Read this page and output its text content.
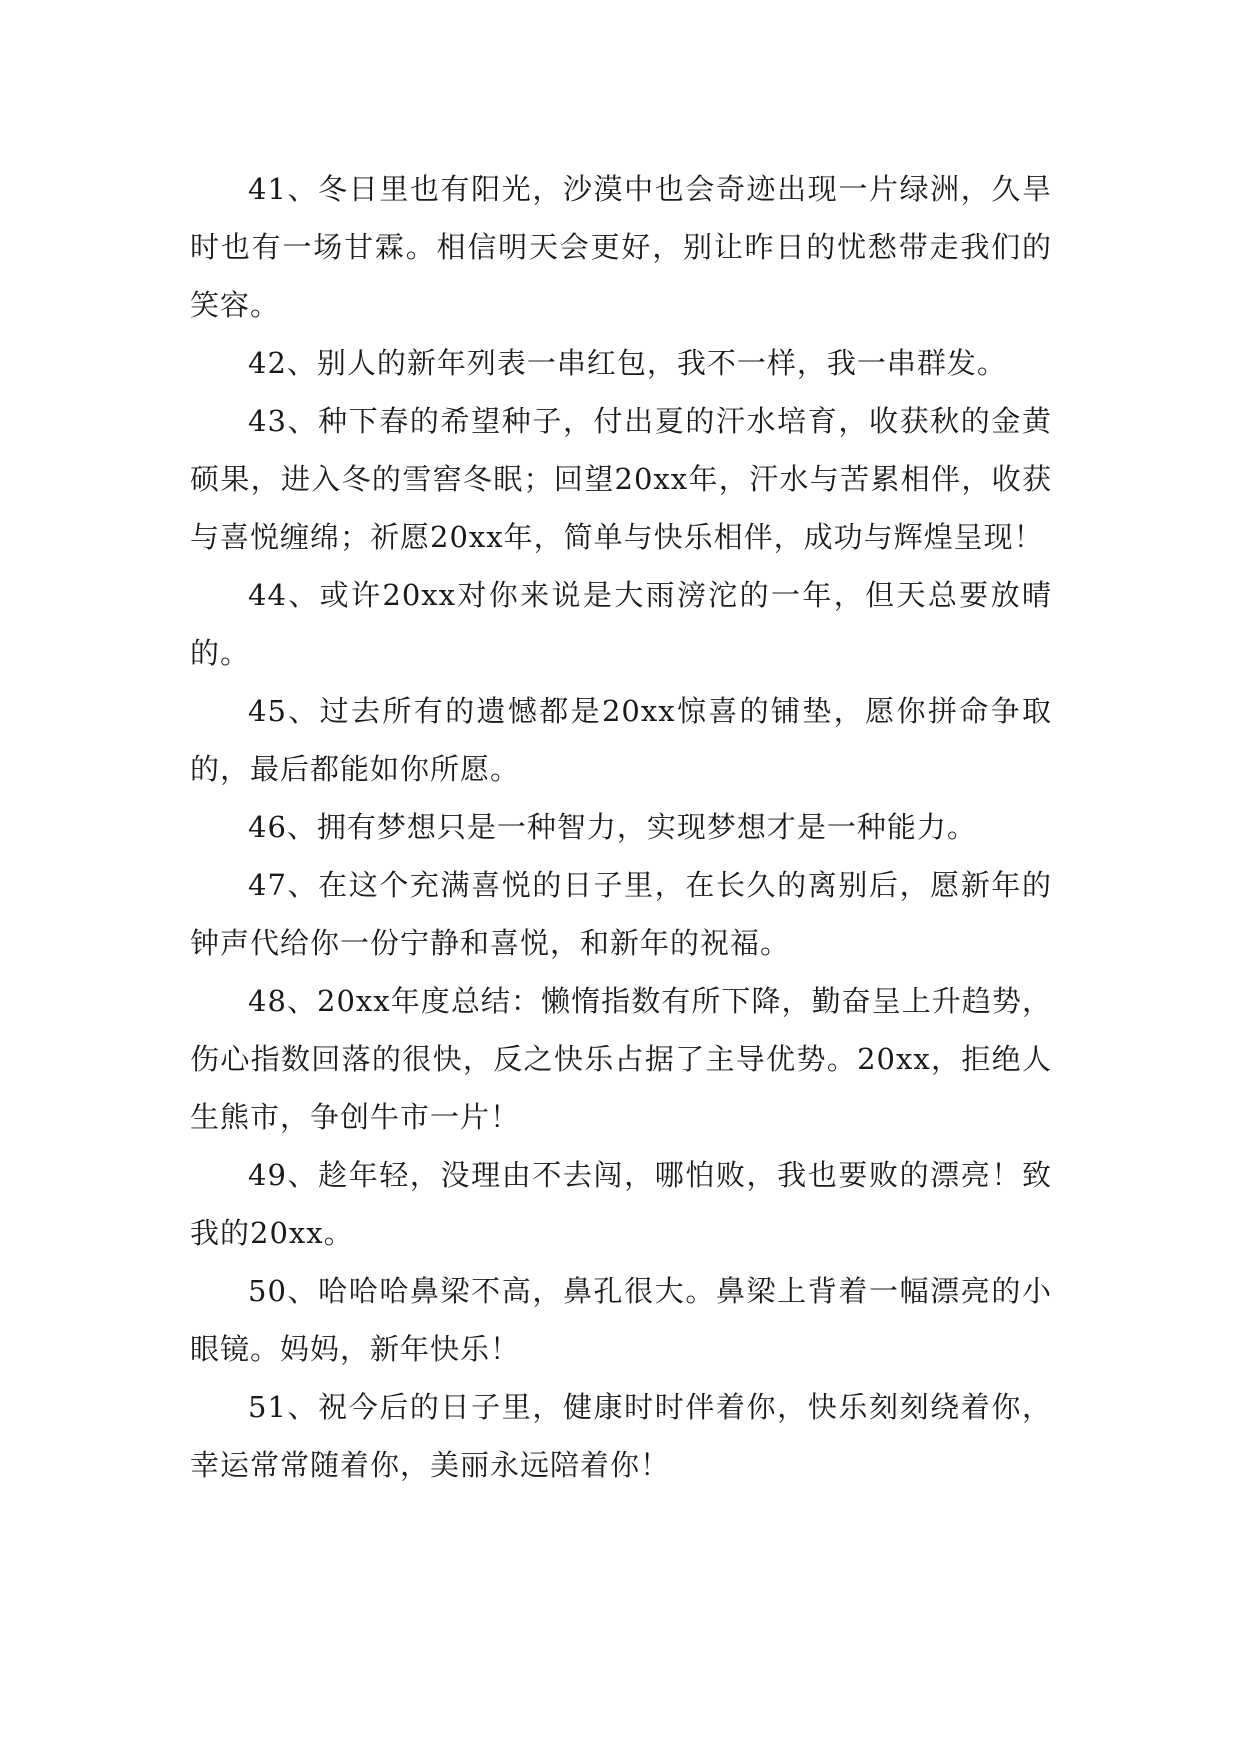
41、冬日里也有阳光，沙漠中也会奇迹出现一片绿洲，久旱时也有一场甘霖。相信明天会更好，别让昨日的忧愁带走我们的笑容。

42、别人的新年列表一串红包，我不一样，我一串群发。

43、种下春的希望种子，付出夏的汗水培育，收获秋的金黄硕果，进入冬的雪窖冬眠；回望20xx年，汗水与苦累相伴，收获与喜悦缠绵；祈愿20xx年，简单与快乐相伴，成功与辉煌呈现！

44、或许20xx对你来说是大雨滂沱的一年，但天总要放晴的。

45、过去所有的遗憾都是20xx惊喜的铺垫，愿你拼命争取的，最后都能如你所愿。

46、拥有梦想只是一种智力，实现梦想才是一种能力。

47、在这个充满喜悦的日子里，在长久的离别后，愿新年的钟声代给你一份宁静和喜悦，和新年的祝福。

48、20xx年度总结：懒惰指数有所下降，勤奋呈上升趋势，伤心指数回落的很快，反之快乐占据了主导优势。20xx，拒绝人生熊市，争创牛市一片！

49、趁年轻，没理由不去闯，哪怕败，我也要败的漂亮！致我的20xx。

50、哈哈哈鼻梁不高，鼻孔很大。鼻梁上背着一幅漂亮的小眼镜。妈妈，新年快乐！

51、祝今后的日子里，健康时时伴着你，快乐刻刻绕着你，幸运常常随着你，美丽永远陪着你！
